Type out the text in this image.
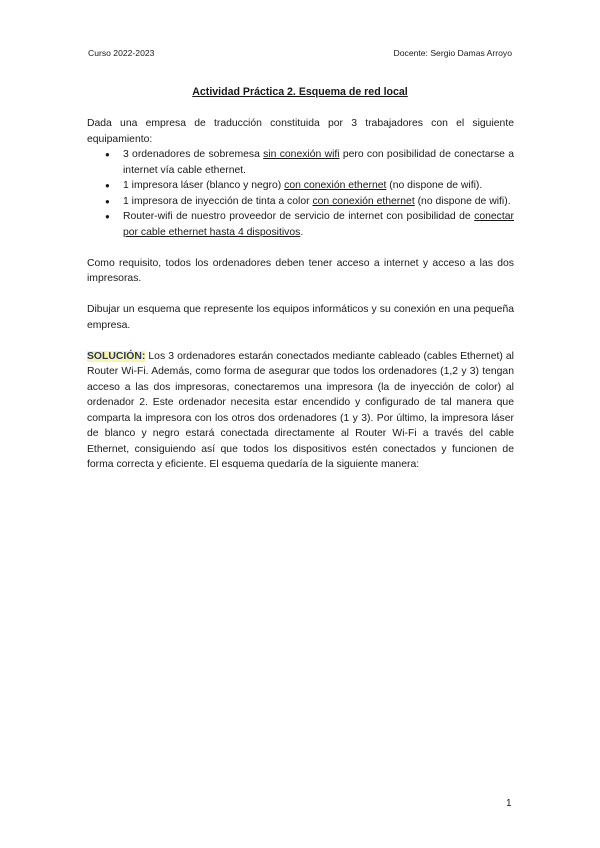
Curso 2022-2023	Docente: Sergio Damas Arroyo
Actividad Práctica 2. Esquema de red local

Dada una empresa de traducción constituida por 3 trabajadores con el siguiente equipamiento:

● 3 ordenadores de sobremesa sin conexión wifi pero con posibilidad de conectarse a internet vía cable ethernet.
● 1 impresora láser (blanco y negro) con conexión ethernet (no dispone de wifi).
● 1 impresora de inyección de tinta a color con conexión ethernet (no dispone de wifi).
● Router-wifi de nuestro proveedor de servicio de internet con posibilidad de conectar por cable ethernet hasta 4 dispositivos.

Como requisito, todos los ordenadores deben tener acceso a internet y acceso a las dos impresoras.

Dibujar un esquema que represente los equipos informáticos y su conexión en una pequeña empresa.

SOLUCIÓN: Los 3 ordenadores estarán conectados mediante cableado (cables Ethernet) al Router Wi-Fi. Además, como forma de asegurar que todos los ordenadores (1,2 y 3) tengan acceso a las dos impresoras, conectaremos una impresora (la de inyección de color) al ordenador 2. Este ordenador necesita estar encendido y configurado de tal manera que comparta la impresora con los otros dos ordenadores (1 y 3). Por último, la impresora láser de blanco y negro estará conectada directamente al Router Wi-Fi a través del cable Ethernet, consiguiendo así que todos los dispositivos estén conectados y funcionen de forma correcta y eficiente. El esquema quedaría de la siguiente manera:

1
